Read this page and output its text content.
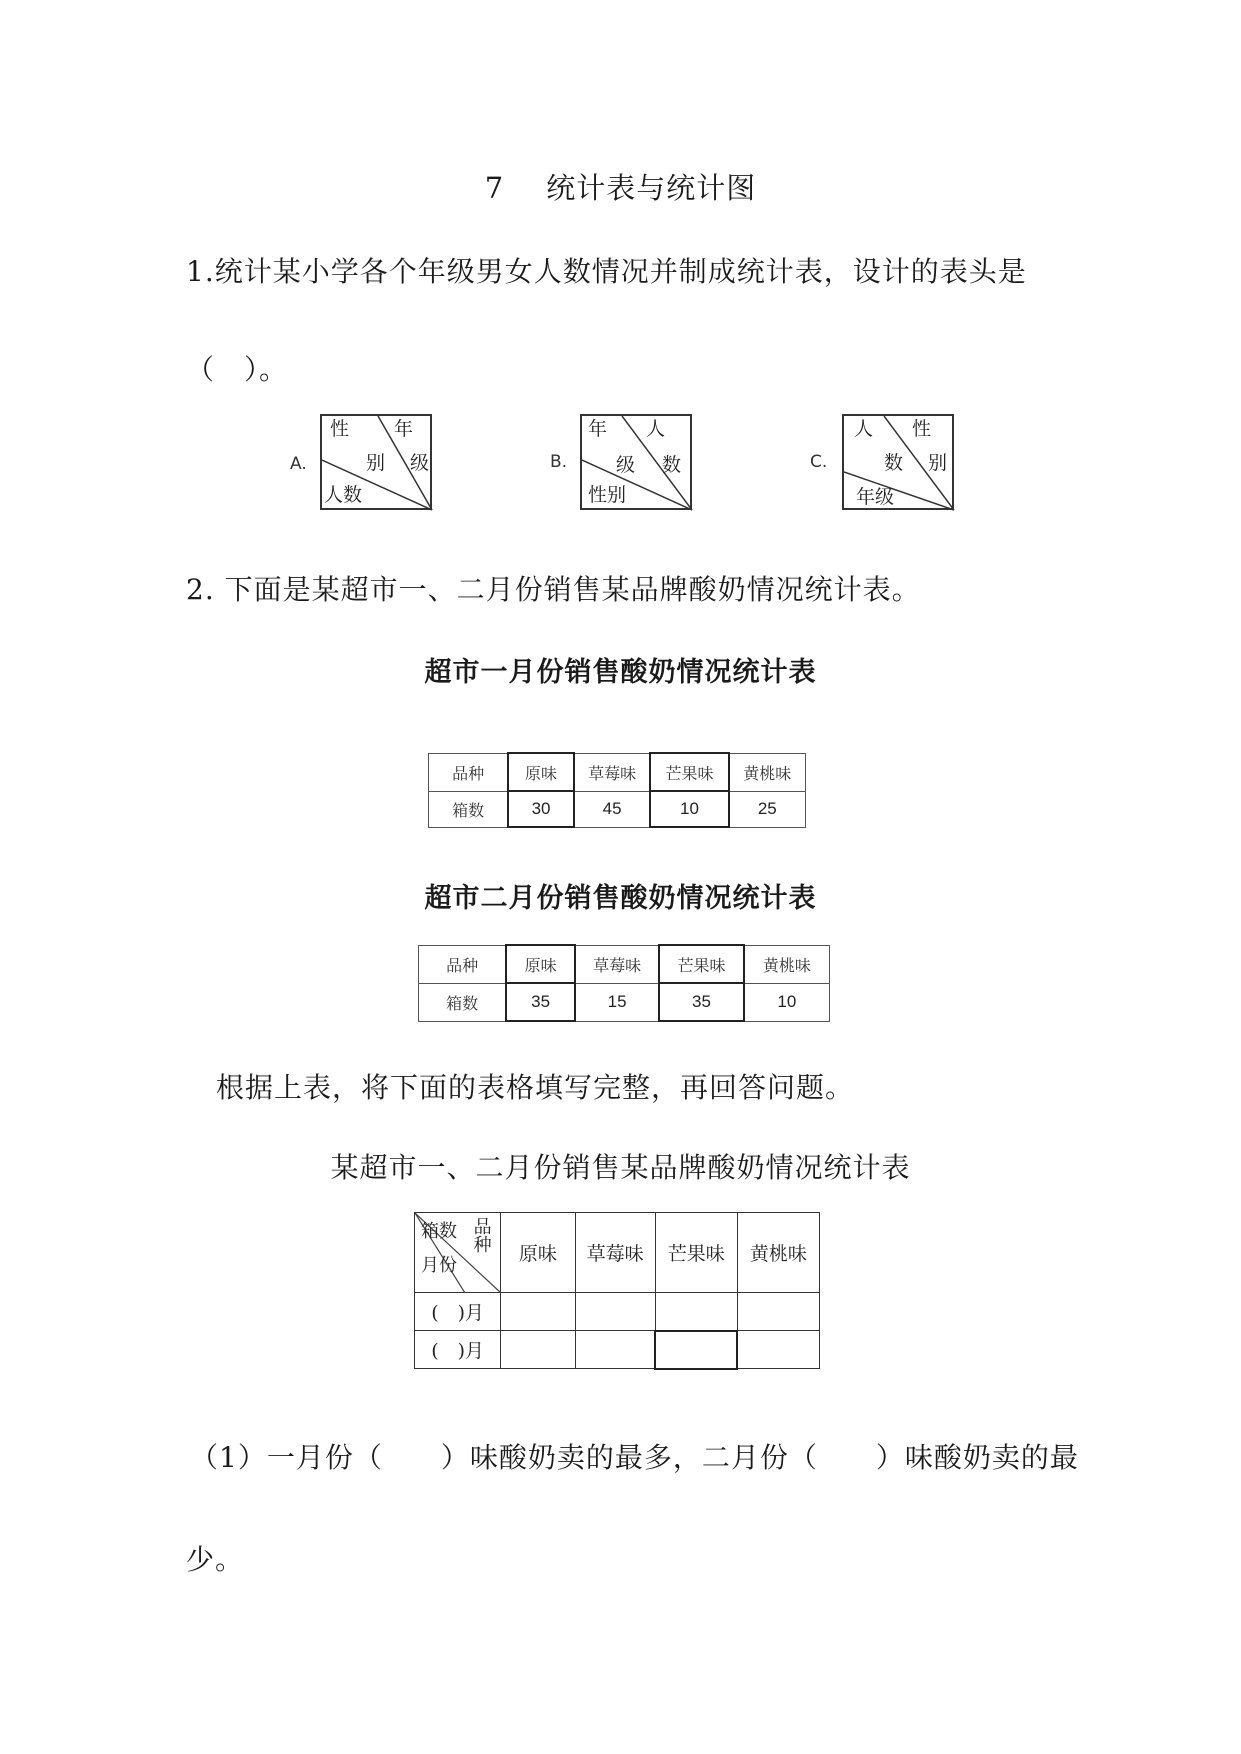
7 统计表与统计图
1.统计某小学各个年级男女人数情况并制成统计表，设计的表头是
（　）。
A.
性 年
别 级
人数
B.
年 人
级 数
性别
C.
人 性
数 别
年级
2. 下面是某超市一、二月份销售某品牌酸奶情况统计表。
超市一月份销售酸奶情况统计表
品种	原味	草莓味	芒果味	黄桃味
箱数	30	45	10	25
超市二月份销售酸奶情况统计表
品种	原味	草莓味	芒果味	黄桃味
箱数	35	15	35	10
根据上表，将下面的表格填写完整，再回答问题。
某超市一、二月份销售某品牌酸奶情况统计表
箱数 品种
月份	原味	草莓味	芒果味	黄桃味
(　)月				
(　)月				
（1）一月份（　　）味酸奶卖的最多，二月份（　　）味酸奶卖的最
少。
